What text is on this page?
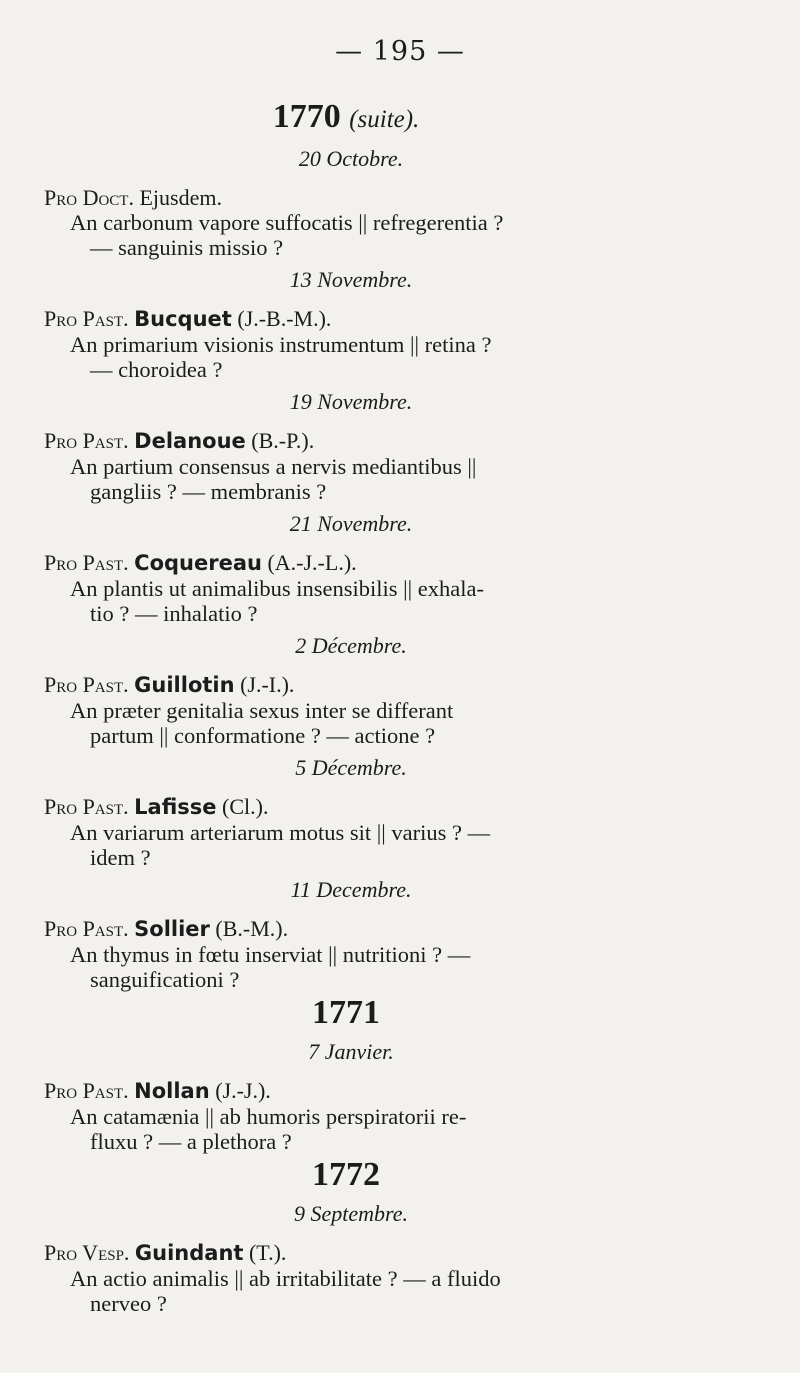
— 195 —
1770 (suite).
20 Octobre.
Pro Doct. Ejusdem.
An carbonum vapore suffocatis || refregerentia ?
— sanguinis missio ?
13 Novembre.
Pro Past. Bucquet (J.-B.-M.).
An primarium visionis instrumentum || retina ?
— choroidea ?
19 Novembre.
Pro Past. Delanoue (B.-P.).
An partium consensus a nervis mediantibus ||
gangliis ? — membranis ?
21 Novembre.
Pro Past. Coquereau (A.-J.-L.).
An plantis ut animalibus insensibilis || exhala-
tio ? — inhalatio ?
2 Décembre.
Pro Past. Guillotin (J.-I.).
An præter genitalia sexus inter se differant
partum || conformatione ? — actione ?
5 Décembre.
Pro Past. Lafisse (Cl.).
An variarum arteriarum motus sit || varius ? —
idem ?
11 Decembre.
Pro Past. Sollier (B.-M.).
An thymus in fœtu inserviat || nutritioni ? —
sanguificationi ?
1771
7 Janvier.
Pro Past. Nollan (J.-J.).
An catamænia || ab humoris perspiratorii re-
fluxu ? — a plethora ?
1772
9 Septembre.
Pro Vesp. Guindant (T.).
An actio animalis || ab irritabilitate ? — a fluido
nerveo ?
